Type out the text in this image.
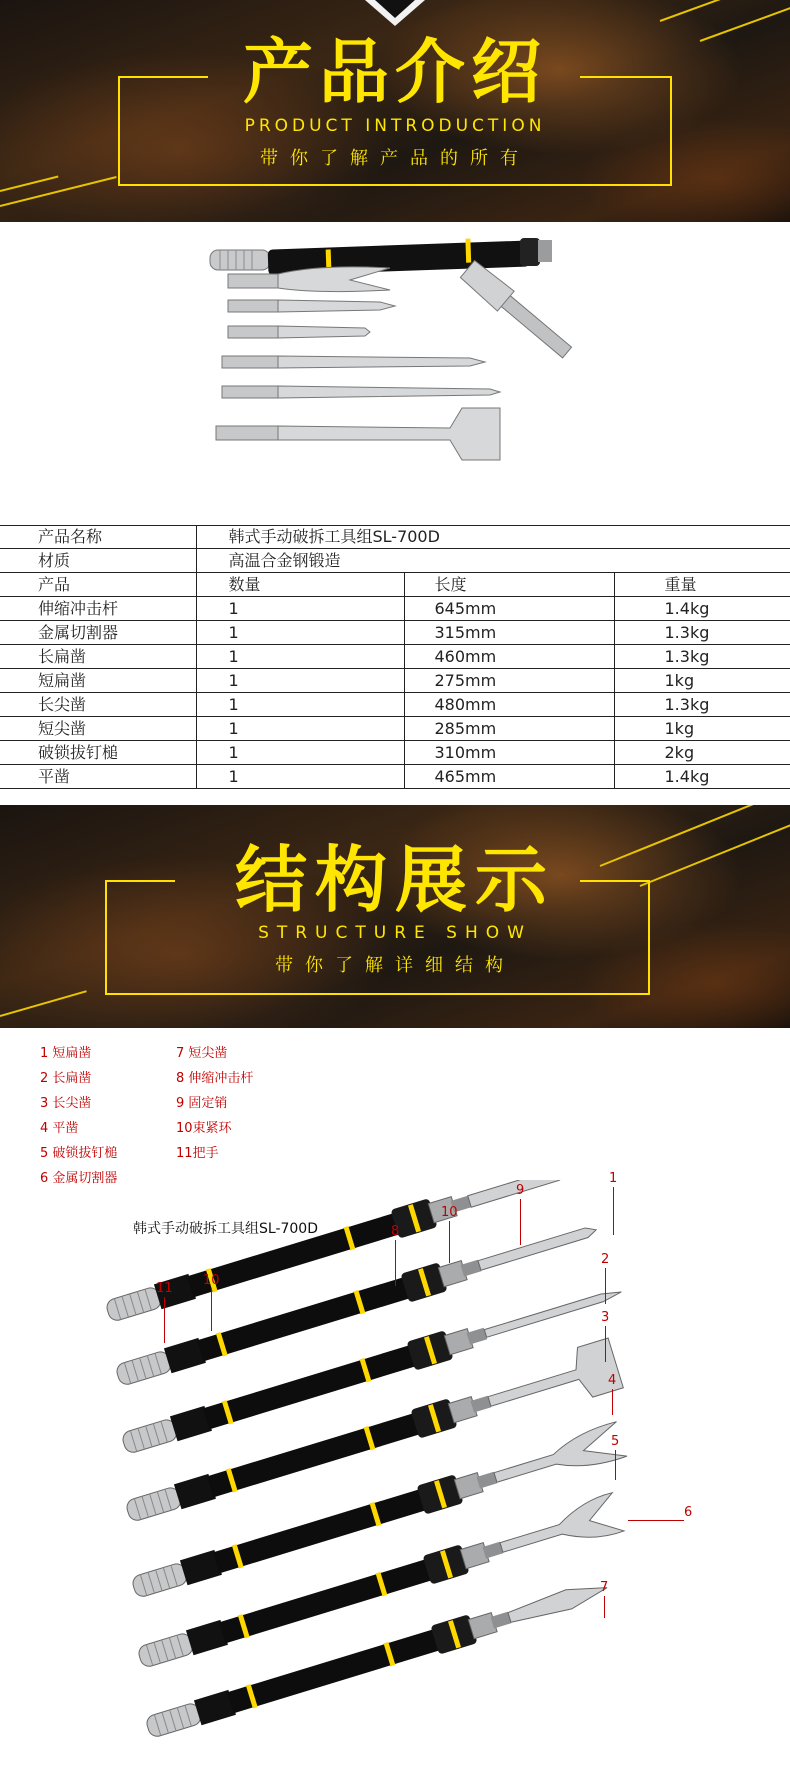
产品介绍
PRODUCT INTRODUCTION
带你了解产品的所有
产品名称	韩式手动破拆工具组SL-700D		
材质	高温合金钢锻造		
产品	数量	长度	重量
伸缩冲击杆	1	645mm	1.4kg
金属切割器	1	315mm	1.3kg
长扁凿	1	460mm	1.3kg
短扁凿	1	275mm	1kg
长尖凿	1	480mm	1.3kg
短尖凿	1	285mm	1kg
破锁拔钉槌	1	310mm	2kg
平凿	1	465mm	1.4kg
结构展示
STRUCTURE SHOW
带你了解详细结构
1 短扁凿
2 长扁凿
3 长尖凿
4 平凿
5 破锁拔钉槌
6 金属切割器
7 短尖凿
8 伸缩冲击杆
9 固定销
10束紧环
11把手
韩式手动破拆工具组SL-700D
1
2
3
4
5
6
7
8
9
10
10
11
